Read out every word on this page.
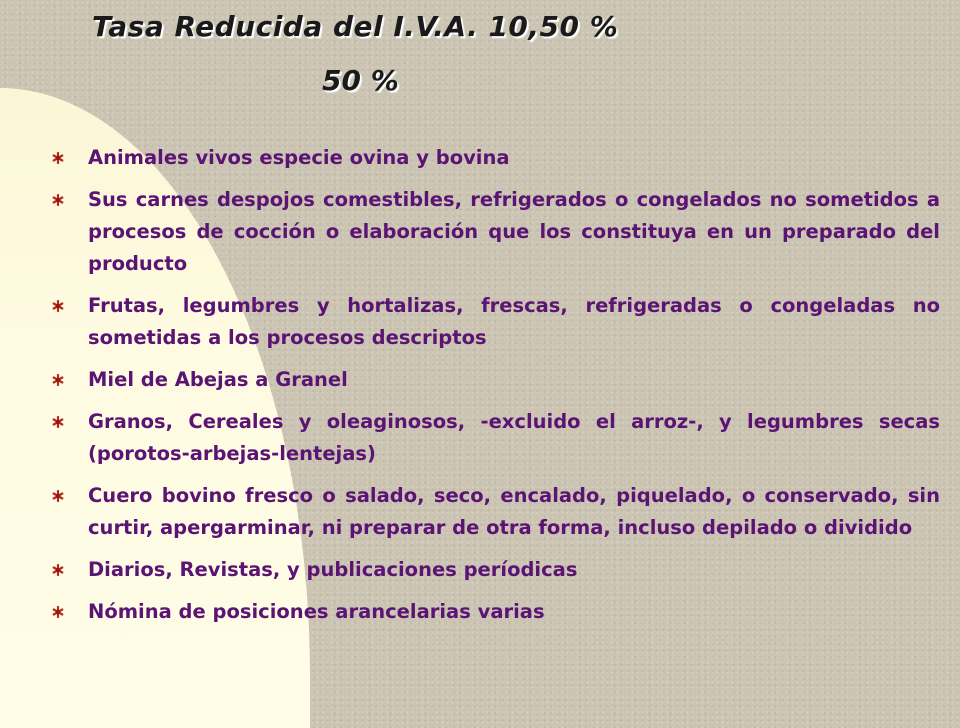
Tasa Reducida del I.V.A. 10,50 %
50 %
Animales vivos especie ovina y bovina
Sus carnes despojos comestibles, refrigerados o congelados no sometidos a procesos de cocción o elaboración que los constituya en un preparado del producto
Frutas, legumbres y hortalizas, frescas, refrigeradas o congeladas no sometidas a los procesos descriptos
Miel de Abejas a Granel
Granos, Cereales y oleaginosos, -excluido el arroz-, y legumbres secas (porotos-arbejas-lentejas)
Cuero bovino fresco o salado, seco, encalado, piquelado, o conservado, sin curtir, apergarminar, ni preparar de otra forma, incluso depilado o dividido
Diarios, Revistas, y publicaciones períodicas
Nómina de posiciones arancelarias varias
